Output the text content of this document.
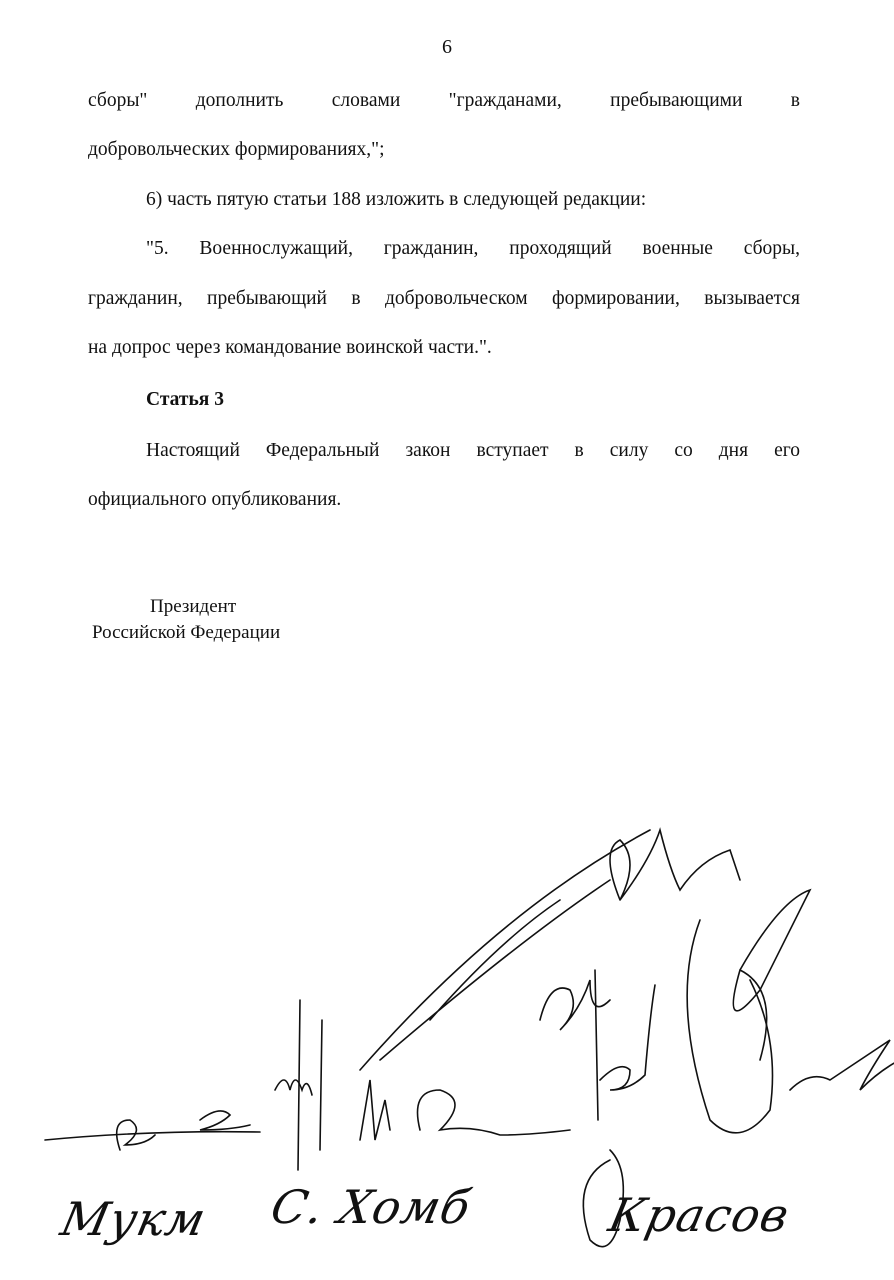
6
сборы" дополнить словами "гражданами, пребывающими в
добровольческих формированиях,";
6) часть пятую статьи 188 изложить в следующей редакции:
"5. Военнослужащий, гражданин, проходящий военные сборы,
гражданин, пребывающий в добровольческом формировании, вызывается
на допрос через командование воинской части.".
Статья 3
Настоящий Федеральный закон вступает в силу со дня его
официального опубликования.
Президент
Российской Федерации
Мукм С. Хомб	Красов
